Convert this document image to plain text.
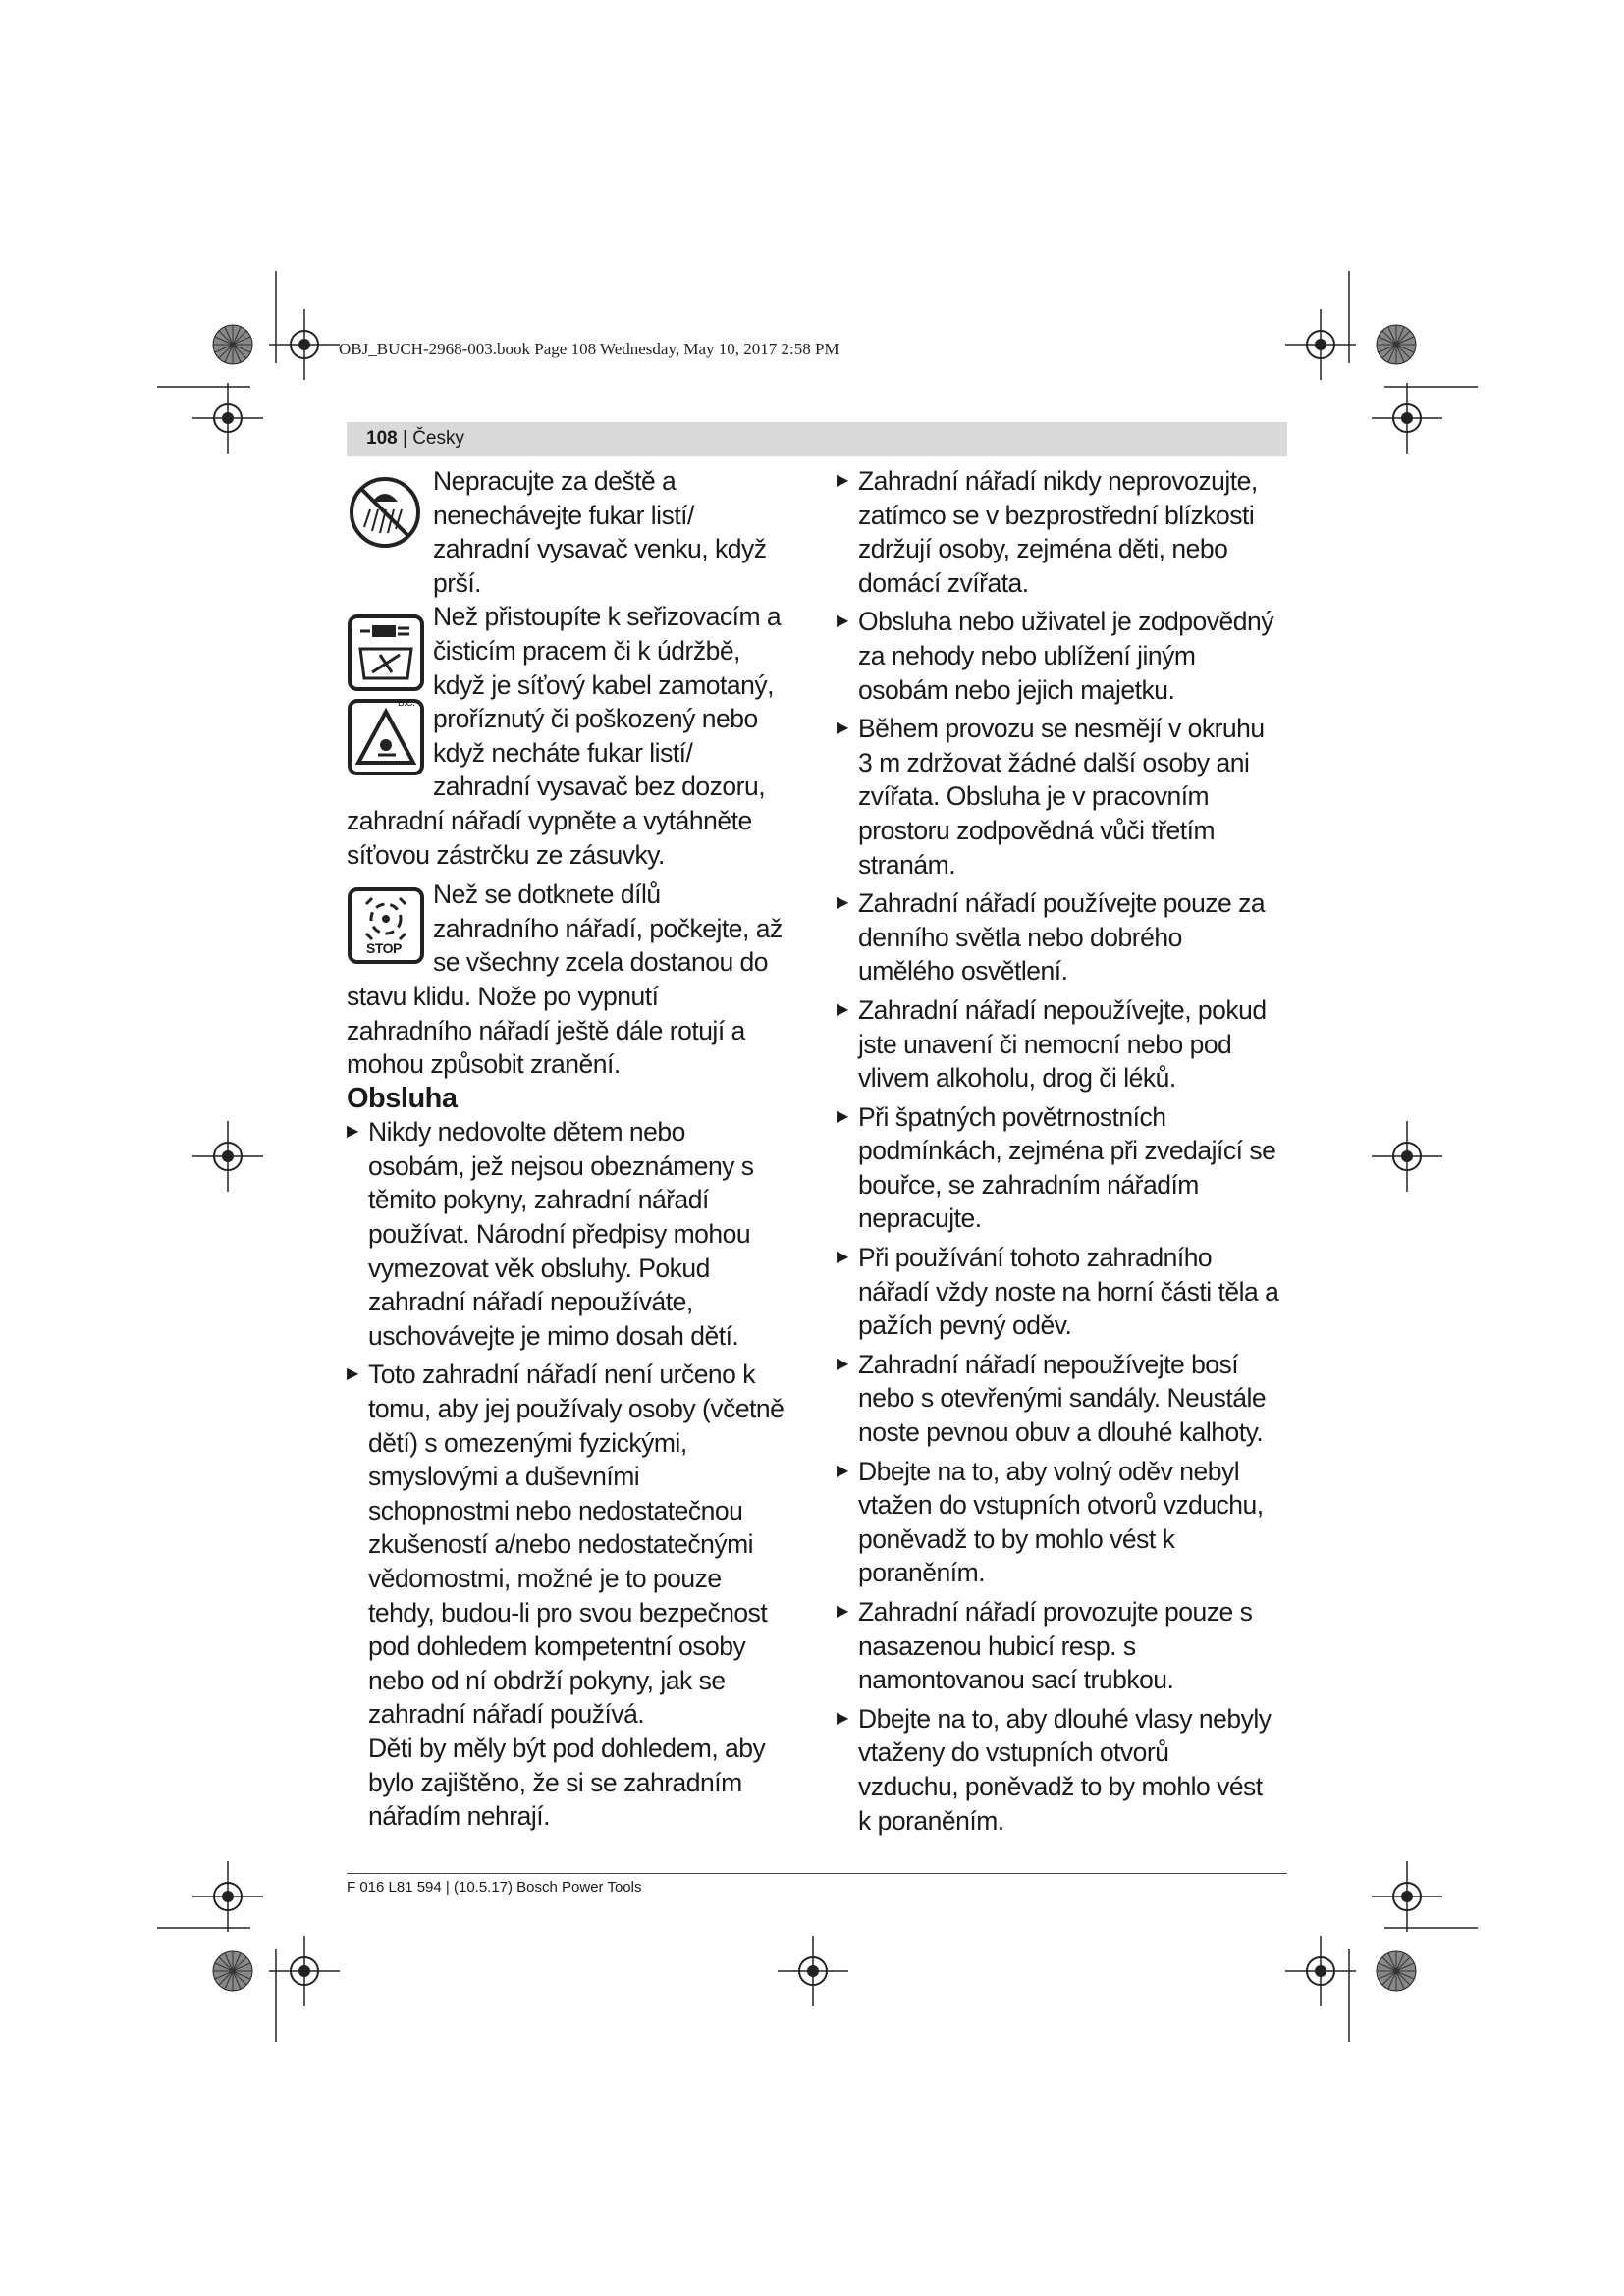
OBJ_BUCH-2968-003.book Page 108 Wednesday, May 10, 2017 2:58 PM
108 | Česky
B.C.
STOP

Nepracujte za deště a

nenechávejte fukar listí/

zahradní vysavač venku, když

prší.

Než přistoupíte k seřizovacím a

čisticím pracem či k údržbě,

když je síťový kabel zamotaný,

proříznutý či poškozený nebo

když necháte fukar listí/

zahradní vysavač bez dozoru,

zahradní nářadí vypněte a vytáhněte

síťovou zástrčku ze zásuvky.

Než se dotknete dílů

zahradního nářadí, počkejte, až

se všechny zcela dostanou do

stavu klidu. Nože po vypnutí

zahradního nářadí ještě dále rotují a

mohou způsobit zranění.

Obsluha

▶ Nikdy nedovolte dětem nebo

osobám, jež nejsou obeznámeny s

těmito pokyny, zahradní nářadí

používat. Národní předpisy mohou

vymezovat věk obsluhy. Pokud

zahradní nářadí nepoužíváte,

uschovávejte je mimo dosah dětí.

▶ Toto zahradní nářadí není určeno k

tomu, aby jej používaly osoby (včetně

dětí) s omezenými fyzickými,

smyslovými a duševními

schopnostmi nebo nedostatečnou

zkušeností a/nebo nedostatečnými

vědomostmi, možné je to pouze

tehdy, budou-li pro svou bezpečnost

pod dohledem kompetentní osoby

nebo od ní obdrží pokyny, jak se

zahradní nářadí používá.

Děti by měly být pod dohledem, aby

bylo zajištěno, že si se zahradním

nářadím nehrají.

▶ Zahradní nářadí nikdy neprovozujte,

zatímco se v bezprostřední blízkosti

zdržují osoby, zejména děti, nebo

domácí zvířata.

▶ Obsluha nebo uživatel je zodpovědný

za nehody nebo ublížení jiným

osobám nebo jejich majetku.

▶ Během provozu se nesmějí v okruhu

3 m zdržovat žádné další osoby ani

zvířata. Obsluha je v pracovním

prostoru zodpovědná vůči třetím

stranám.

▶ Zahradní nářadí používejte pouze za

denního světla nebo dobrého

umělého osvětlení.

▶ Zahradní nářadí nepoužívejte, pokud

jste unavení či nemocní nebo pod

vlivem alkoholu, drog či léků.

▶ Při špatných povětrnostních

podmínkách, zejména při zvedající se

bouřce, se zahradním nářadím

nepracujte.

▶ Při používání tohoto zahradního

nářadí vždy noste na horní části těla a

pažích pevný oděv.

▶ Zahradní nářadí nepoužívejte bosí

nebo s otevřenými sandály. Neustále

noste pevnou obuv a dlouhé kalhoty.

▶ Dbejte na to, aby volný oděv nebyl

vtažen do vstupních otvorů vzduchu,

poněvadž to by mohlo vést k

poraněním.

▶ Zahradní nářadí provozujte pouze s

nasazenou hubicí resp. s

namontovanou sací trubkou.

▶ Dbejte na to, aby dlouhé vlasy nebyly

vtaženy do vstupních otvorů

vzduchu, poněvadž to by mohlo vést

k poraněním.

F 016 L81 594 | (10.5.17) Bosch Power Tools
